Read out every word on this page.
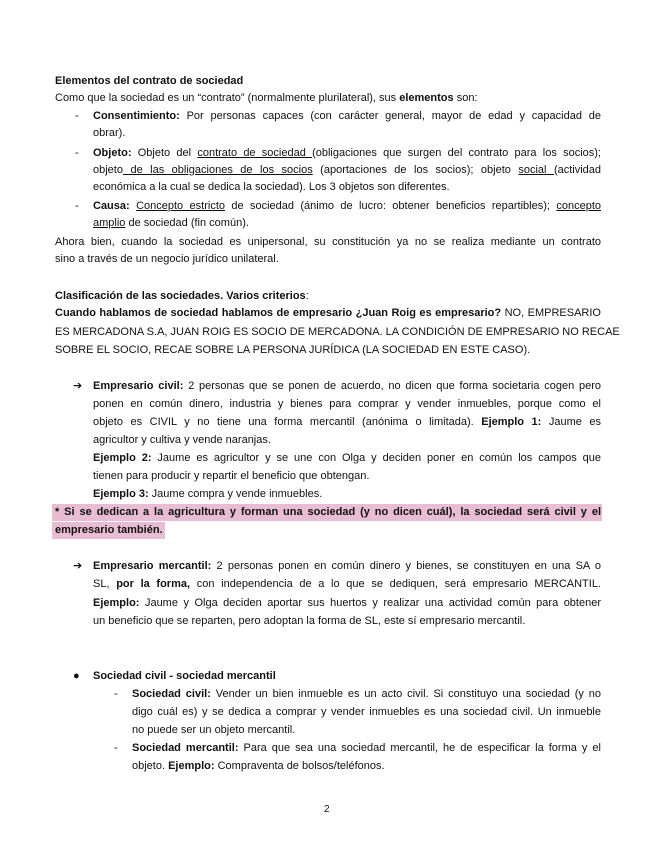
Elementos del contrato de sociedad
Como que la sociedad es un “contrato” (normalmente plurilateral), sus elementos son:
- Consentimiento: Por personas capaces (con carácter general, mayor de edad y capacidad de
obrar).
- Objeto: Objeto del contrato de sociedad (obligaciones que surgen del contrato para los socios);
objeto de las obligaciones de los socios (aportaciones de los socios); objeto social (actividad
económica a la cual se dedica la sociedad). Los 3 objetos son diferentes.
- Causa: Concepto estricto de sociedad (ánimo de lucro: obtener beneficios repartibles); concepto
amplio de sociedad (fin común).
Ahora bien, cuando la sociedad es unipersonal, su constitución ya no se realiza mediante un contrato
sino a través de un negocio jurídico unilateral.
Clasificación de las sociedades. Varios criterios:
Cuando hablamos de sociedad hablamos de empresario ¿Juan Roig es empresario? NO, EMPRESARIO
ES MERCADONA S.A, JUAN ROIG ES SOCIO DE MERCADONA. LA CONDICIÓN DE EMPRESARIO NO RECAE
SOBRE EL SOCIO, RECAE SOBRE LA PERSONA JURÍDICA (LA SOCIEDAD EN ESTE CASO).
➔ Empresario civil: 2 personas que se ponen de acuerdo, no dicen que forma societaria cogen pero
ponen en común dinero, industria y bienes para comprar y vender inmuebles, porque como el
objeto es CIVIL y no tiene una forma mercantil (anónima o limitada). Ejemplo 1: Jaume es
agricultor y cultiva y vende naranjas.
Ejemplo 2: Jaume es agricultor y se une con Olga y deciden poner en común los campos que
tienen para producir y repartir el beneficio que obtengan.
Ejemplo 3: Jaume compra y vende inmuebles.
* Si se dedican a la agricultura y forman una sociedad (y no dicen cuál), la sociedad será civil y el
empresario también.
➔ Empresario mercantil: 2 personas ponen en común dinero y bienes, se constituyen en una SA o
SL, por la forma, con independencia de a lo que se dediquen, será empresario MERCANTIL.
Ejemplo: Jaume y Olga deciden aportar sus huertos y realizar una actividad común para obtener
un beneficio que se reparten, pero adoptan la forma de SL, este sí empresario mercantil.
● Sociedad civil - sociedad mercantil
- Sociedad civil: Vender un bien inmueble es un acto civil. Si constituyo una sociedad (y no
digo cuál es) y se dedica a comprar y vender inmuebles es una sociedad civil. Un inmueble
no puede ser un objeto mercantil.
- Sociedad mercantil: Para que sea una sociedad mercantil, he de especificar la forma y el
objeto. Ejemplo: Compraventa de bolsos/teléfonos.
2
